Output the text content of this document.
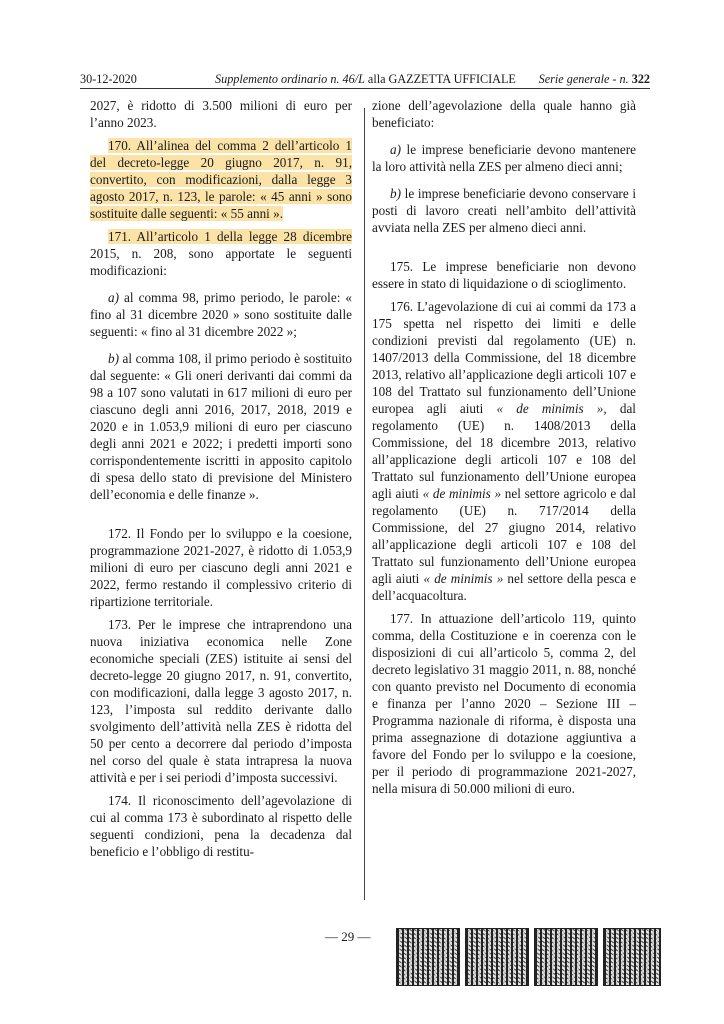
30-12-2020	Supplemento ordinario n. 46/L alla GAZZETTA UFFICIALE Serie generale - n. 322

2027, è ridotto di 3.500 milioni di euro per l’anno 2023.

170. All’alinea del comma 2 dell’articolo 1 del decreto-legge 20 giugno 2017, n. 91, convertito, con modificazioni, dalla legge 3 agosto 2017, n. 123, le parole: « 45 anni » sono sostituite dalle seguenti: « 55 anni ».

171. All’articolo 1 della legge 28 dicembre 2015, n. 208, sono apportate le seguenti modificazioni:

a) al comma 98, primo periodo, le parole: « fino al 31 dicembre 2020 » sono sostituite dalle seguenti: « fino al 31 dicembre 2022 »;

b) al comma 108, il primo periodo è sostituito dal seguente: « Gli oneri derivanti dai commi da 98 a 107 sono valutati in 617 milioni di euro per ciascuno degli anni 2016, 2017, 2018, 2019 e 2020 e in 1.053,9 milioni di euro per ciascuno degli anni 2021 e 2022; i predetti importi sono corrispondentemente iscritti in apposito capitolo di spesa dello stato di previsione del Ministero dell’economia e delle finanze ».

172. Il Fondo per lo sviluppo e la coesione, programmazione 2021-2027, è ridotto di 1.053,9 milioni di euro per ciascuno degli anni 2021 e 2022, fermo restando il complessivo criterio di ripartizione territoriale.

173. Per le imprese che intraprendono una nuova iniziativa economica nelle Zone economiche speciali (ZES) istituite ai sensi del decreto-legge 20 giugno 2017, n. 91, convertito, con modificazioni, dalla legge 3 agosto 2017, n. 123, l’imposta sul reddito derivante dallo svolgimento dell’attività nella ZES è ridotta del 50 per cento a decorrere dal periodo d’imposta nel corso del quale è stata intrapresa la nuova attività e per i sei periodi d’imposta successivi.

174. Il riconoscimento dell’agevolazione di cui al comma 173 è subordinato al rispetto delle seguenti condizioni, pena la decadenza dal beneficio e l’obbligo di restitu-

zione dell’agevolazione della quale hanno già beneficiato:

a) le imprese beneficiarie devono mantenere la loro attività nella ZES per almeno dieci anni;

b) le imprese beneficiarie devono conservare i posti di lavoro creati nell’ambito dell’attività avviata nella ZES per almeno dieci anni.

175. Le imprese beneficiarie non devono essere in stato di liquidazione o di scioglimento.

176. L’agevolazione di cui ai commi da 173 a 175 spetta nel rispetto dei limiti e delle condizioni previsti dal regolamento (UE) n. 1407/2013 della Commissione, del 18 dicembre 2013, relativo all’applicazione degli articoli 107 e 108 del Trattato sul funzionamento dell’Unione europea agli aiuti « de minimis », dal regolamento (UE) n. 1408/2013 della Commissione, del 18 dicembre 2013, relativo all’applicazione degli articoli 107 e 108 del Trattato sul funzionamento dell’Unione europea agli aiuti « de minimis » nel settore agricolo e dal regolamento (UE) n. 717/2014 della Commissione, del 27 giugno 2014, relativo all’applicazione degli articoli 107 e 108 del Trattato sul funzionamento dell’Unione europea agli aiuti « de minimis » nel settore della pesca e dell’acquacoltura.

177. In attuazione dell’articolo 119, quinto comma, della Costituzione e in coerenza con le disposizioni di cui all’articolo 5, comma 2, del decreto legislativo 31 maggio 2011, n. 88, nonché con quanto previsto nel Documento di economia e finanza per l’anno 2020 – Sezione III – Programma nazionale di riforma, è disposta una prima assegnazione di dotazione aggiuntiva a favore del Fondo per lo sviluppo e la coesione, per il periodo di programmazione 2021-2027, nella misura di 50.000 milioni di euro.

— 29 —
